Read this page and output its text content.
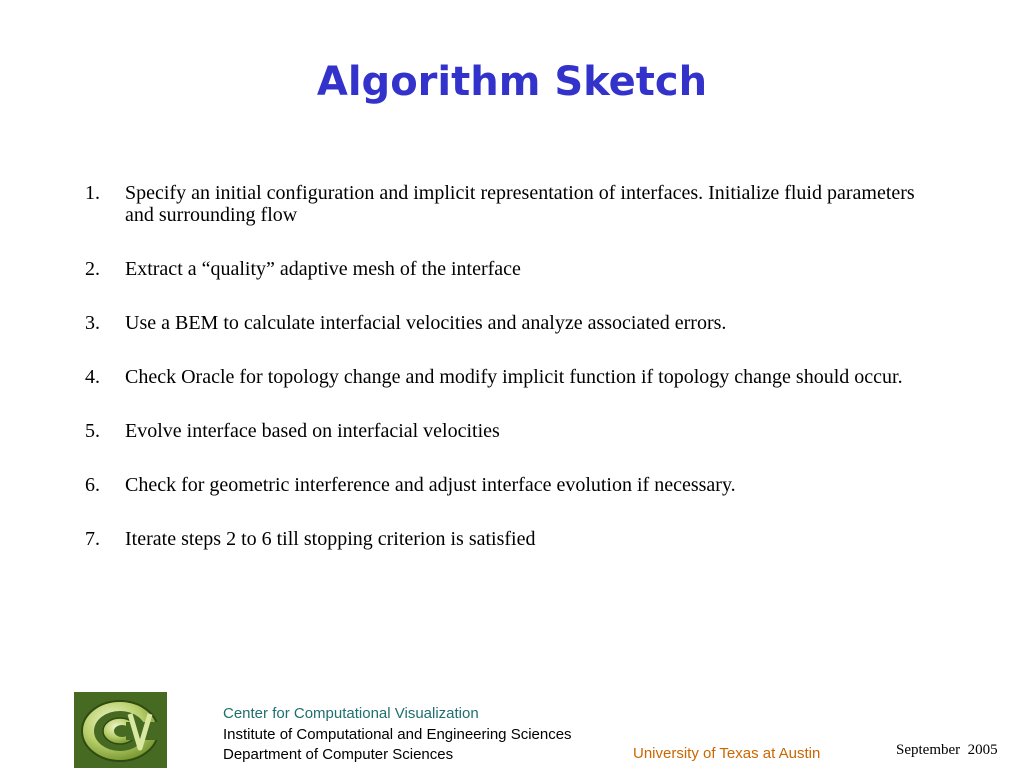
Algorithm Sketch
1. Specify an initial configuration and implicit representation of interfaces. Initialize fluid parameters and surrounding flow
2. Extract a “quality” adaptive mesh of the interface
3. Use a BEM to calculate interfacial velocities and analyze associated errors.
4. Check Oracle for topology change and modify implicit function if topology change should occur.
5. Evolve interface based on interfacial velocities
6. Check for geometric interference and adjust interface evolution if necessary.
7. Iterate steps 2 to 6 till stopping criterion is satisfied
Center for Computational Visualization
Institute of Computational and Engineering Sciences
Department of Computer Sciences	University of Texas at Austin	September  2005
